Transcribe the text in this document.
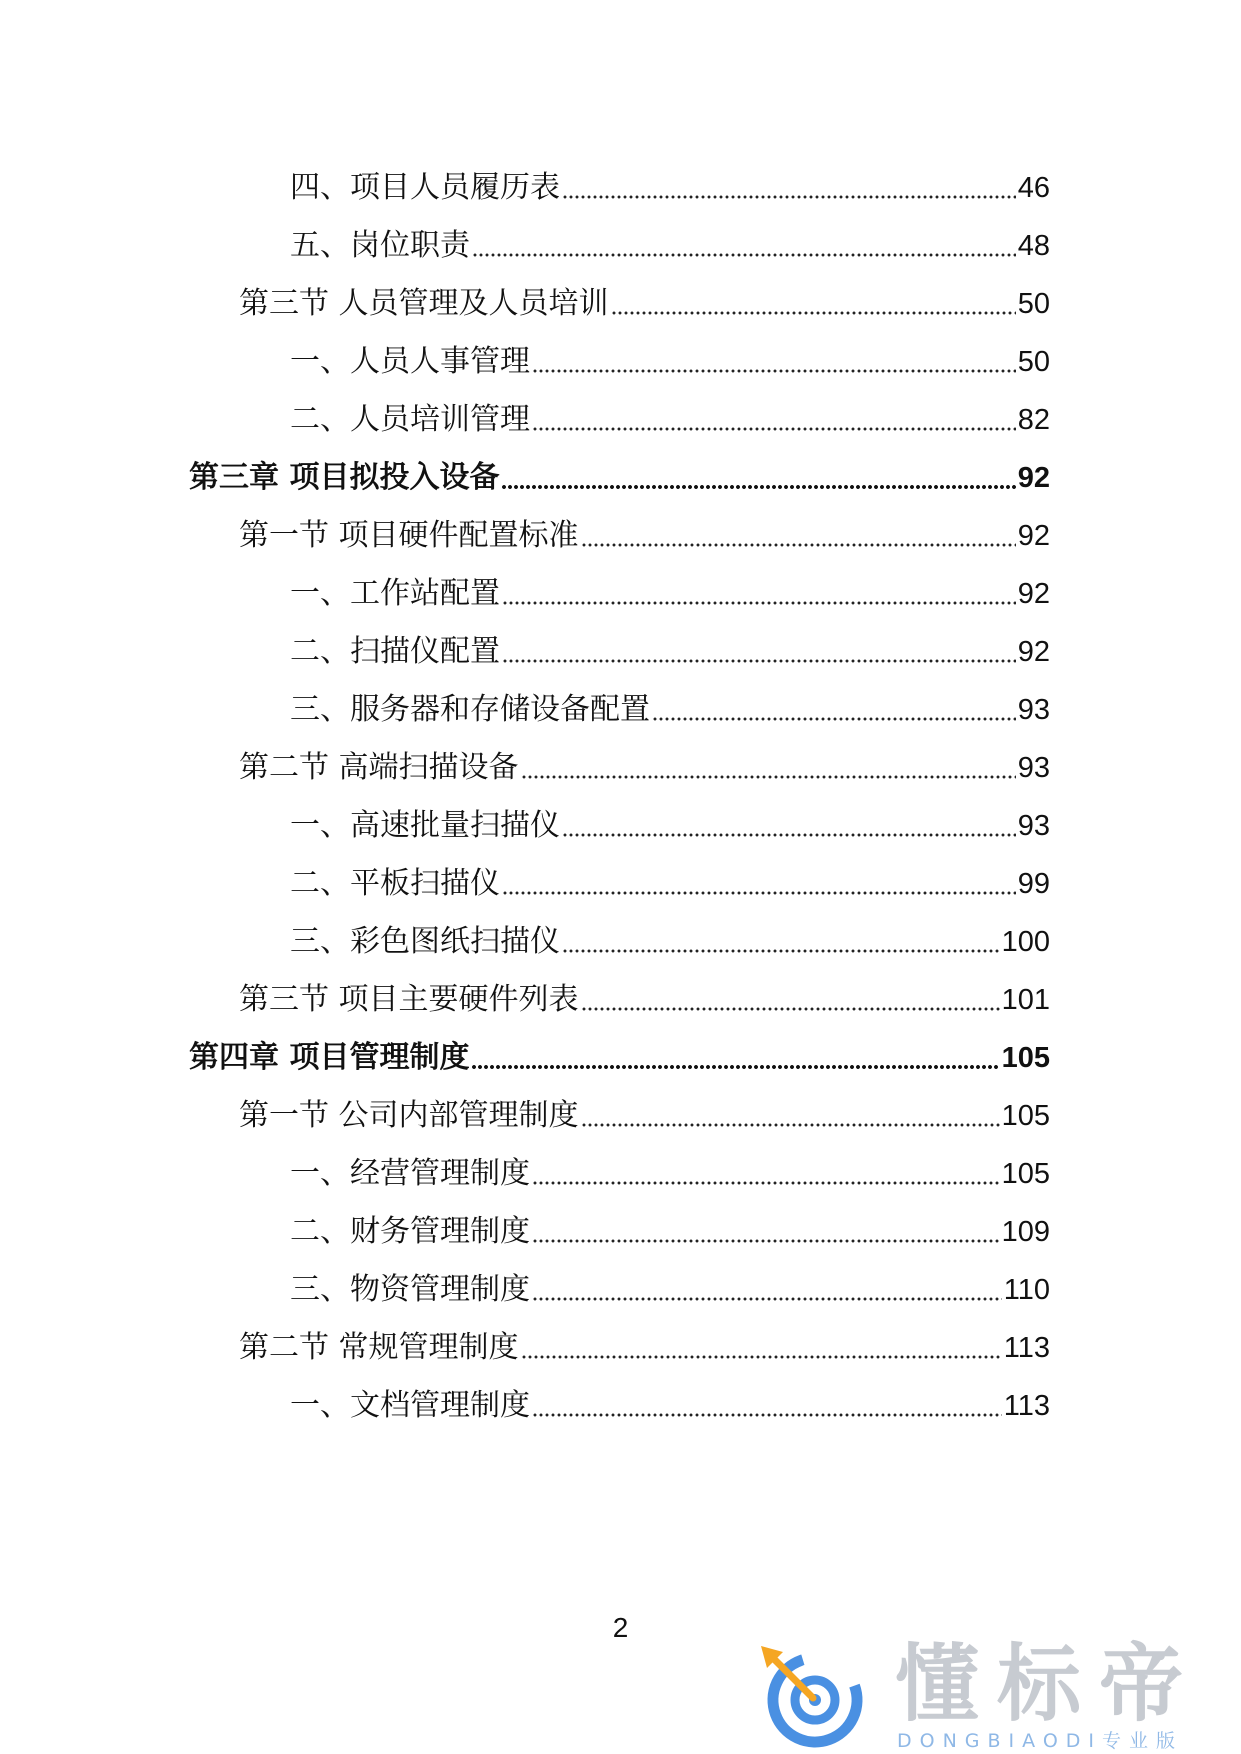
四、项目人员履历表	46
五、岗位职责	48
第三节 人员管理及人员培训	50
一、人员人事管理	50
二、人员培训管理	82
第三章 项目拟投入设备	92
第一节 项目硬件配置标准	92
一、工作站配置	92
二、扫描仪配置	92
三、服务器和存储设备配置	93
第二节 高端扫描设备	93
一、高速批量扫描仪	93
二、平板扫描仪	99
三、彩色图纸扫描仪	100
第三节 项目主要硬件列表	101
第四章 项目管理制度	105
第一节 公司内部管理制度	105
一、经营管理制度	105
二、财务管理制度	109
三、物资管理制度	110
第二节 常规管理制度	113
一、文档管理制度	113
2
懂标帝
DONGBIAODI专业版
